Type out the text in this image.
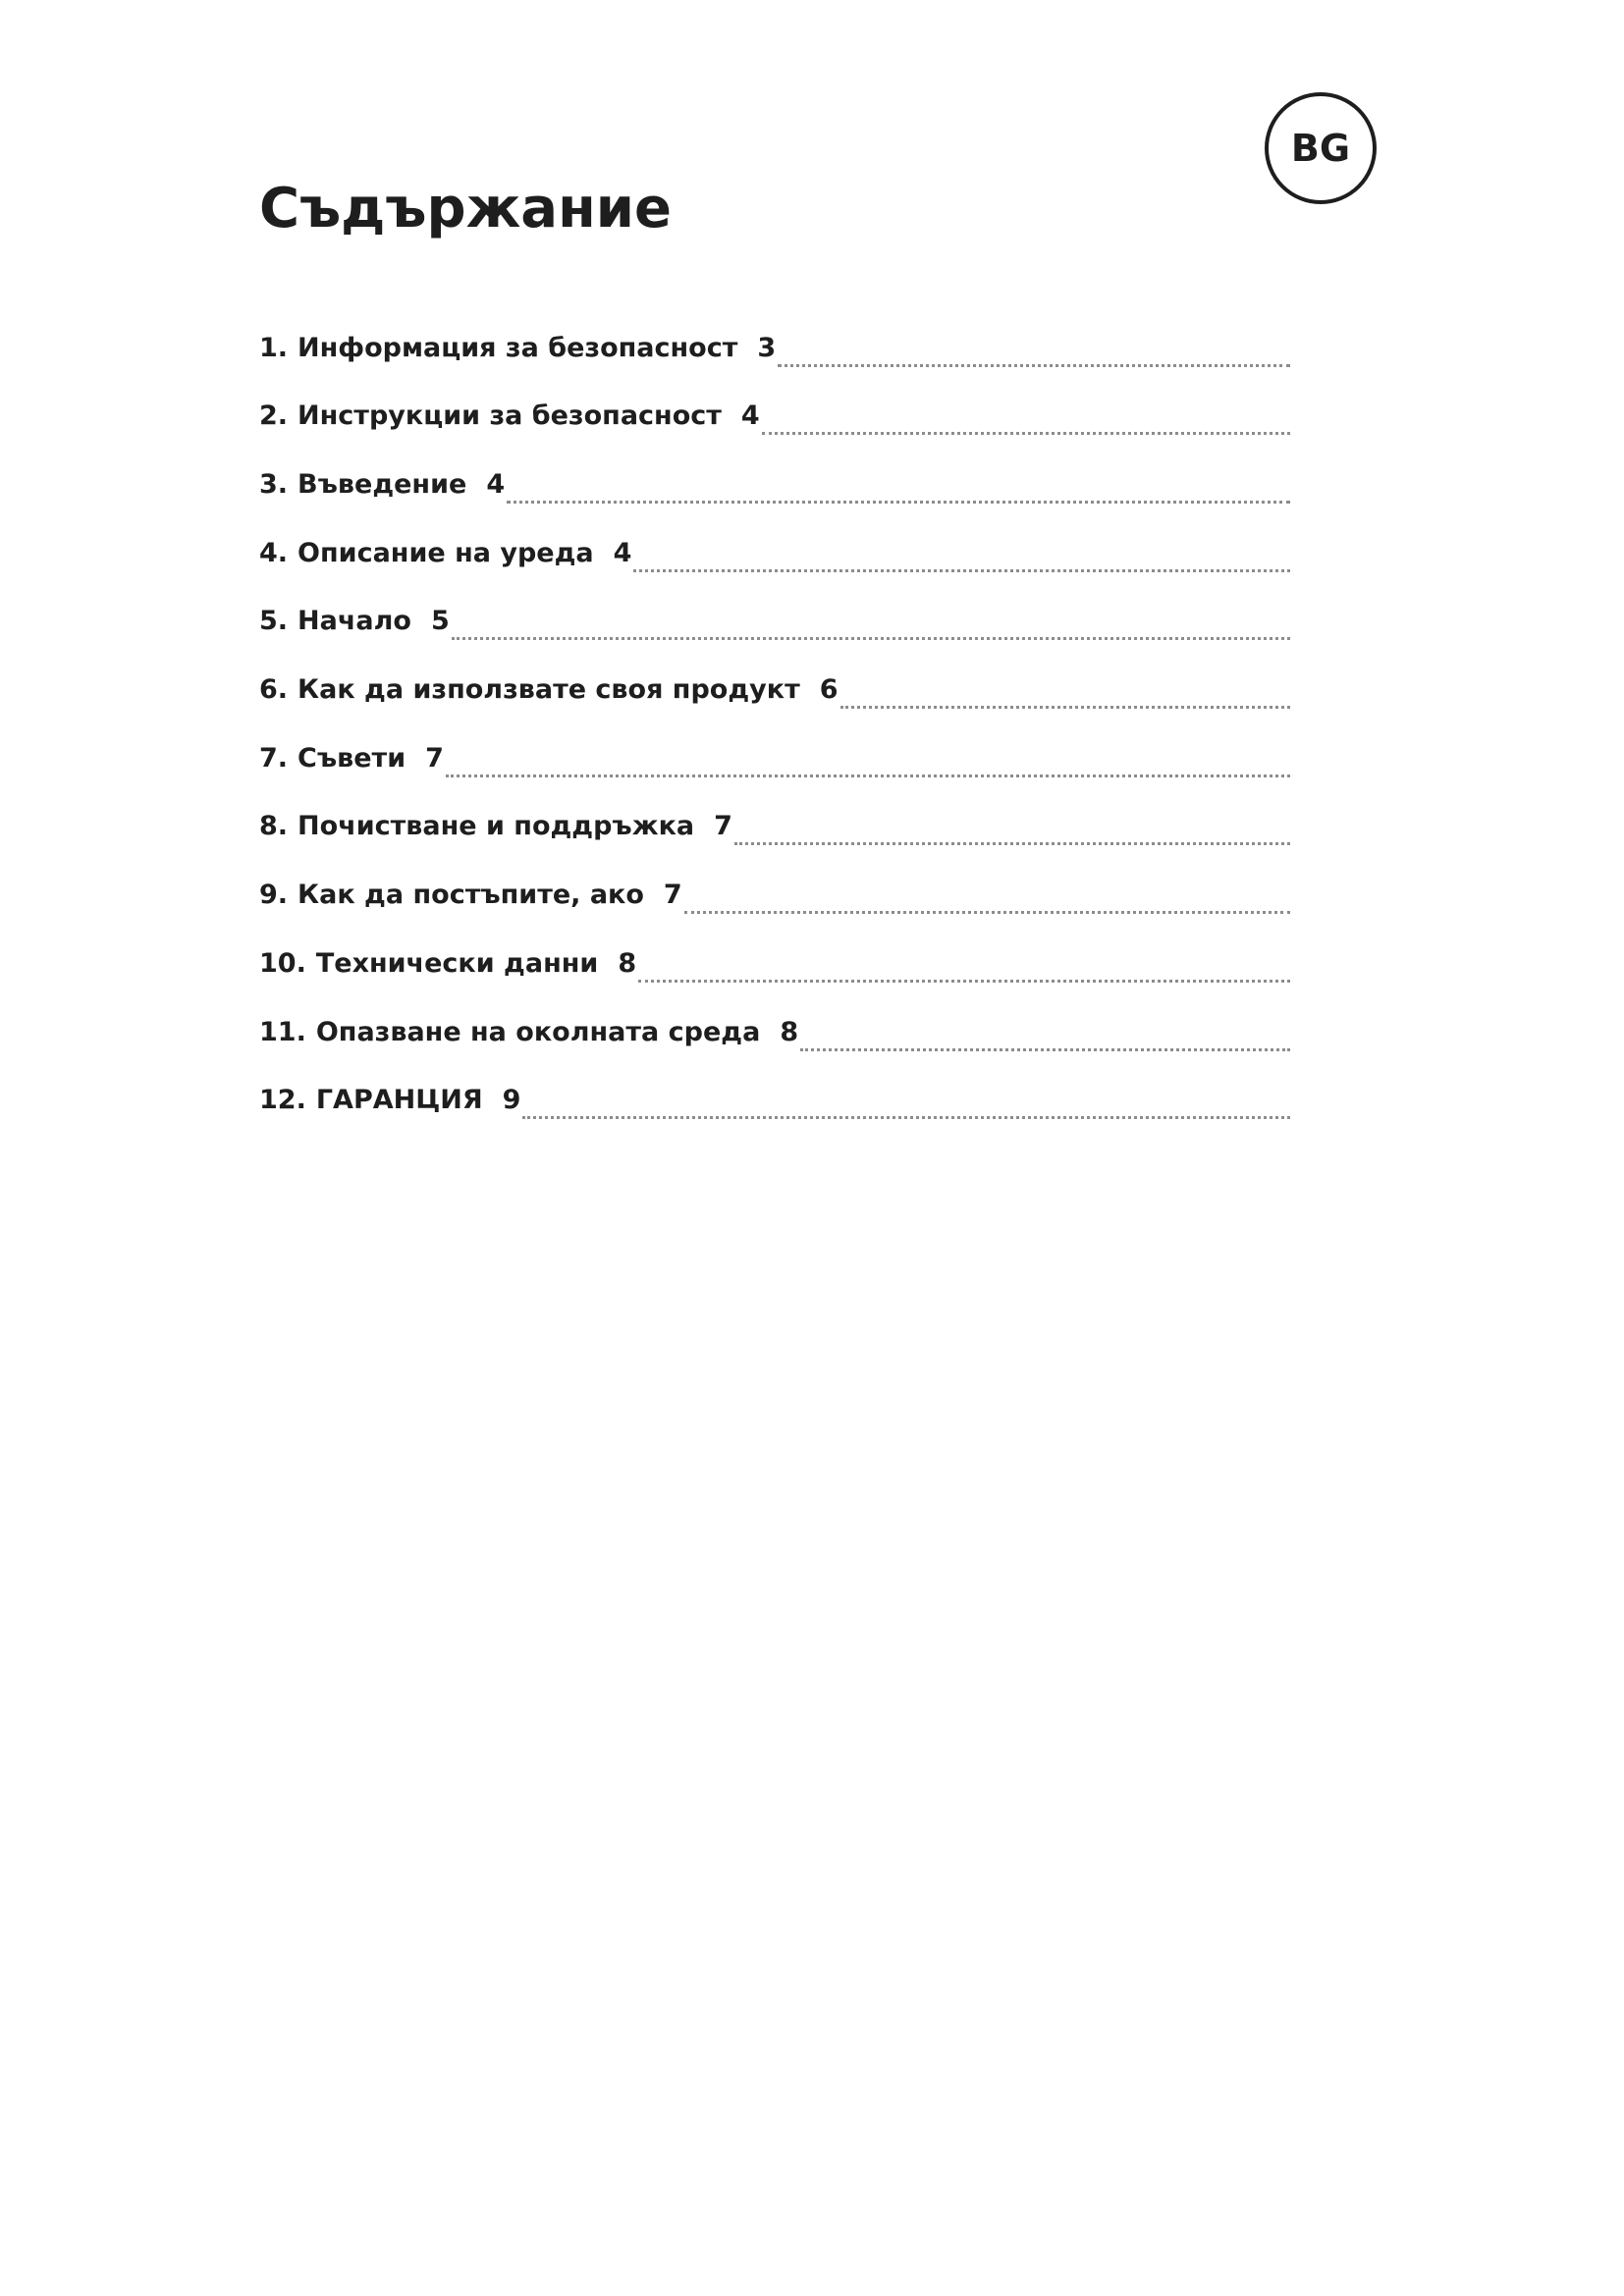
BG
Съдържание
1. Информация за безопасност 3
2. Инструкции за безопасност 4
3. Въведение 4
4. Описание на уреда 4
5. Начало 5
6. Как да използвате своя продукт 6
7. Съвети 7
8. Почистване и поддръжка 7
9. Как да постъпите, ако 7
10. Технически данни 8
11. Опазване на околната среда 8
12. ГАРАНЦИЯ 9
